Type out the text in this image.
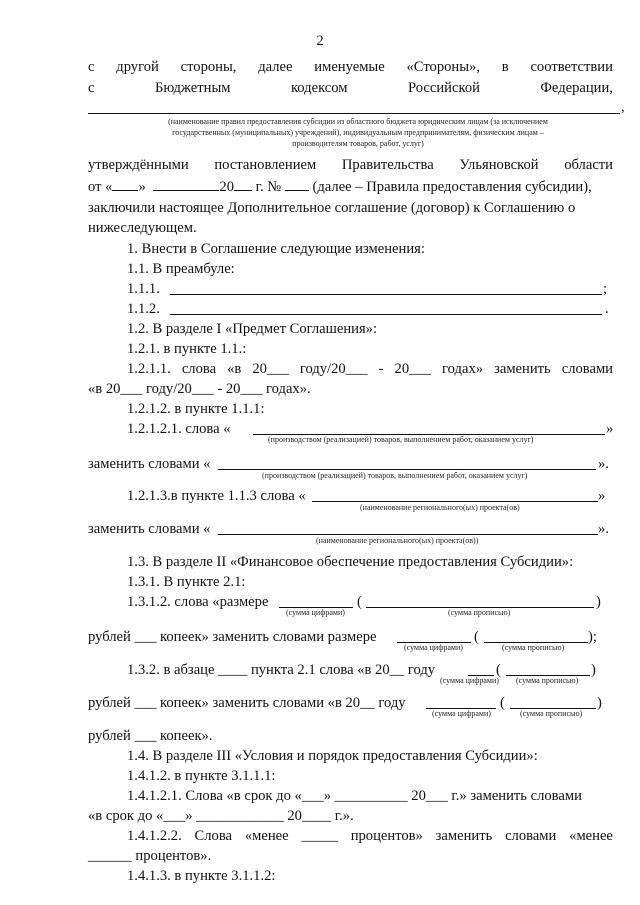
2
с другой стороны, далее именуемые «Стороны», в соответствии
с	Бюджетным	кодексом	Российской	Федерации,
,
(наименование правил предоставления субсидии из областного бюджета юридическим лицам (за исключением
государственных (муниципальных) учреждений), индивидуальным предпринимателям, физическим лицам –
производителям товаров, работ, услуг)
утверждёнными постановлением Правительства Ульяновской области
от « »	20 г. № (далее – Правила предоставления субсидии),
заключили настоящее Дополнительное соглашение (договор) к Соглашению о
нижеследующем.
1. Внести в Соглашение следующие изменения:
1.1. В преамбуле:
1.1.1.	;
1.1.2.	.
1.2. В разделе I «Предмет Соглашения»:
1.2.1. в пункте 1.1.:
1.2.1.1. слова «в 20___ году/20___ - 20___ годах» заменить словами
«в 20___ году/20___ - 20___ годах».
1.2.1.2. в пункте 1.1.1:
1.2.1.2.1. слова «	»
(производством (реализацией) товаров, выполнением работ, оказанием услуг)
заменить словами «	».
(производством (реализацией) товаров, выполнением работ, оказанием услуг)
1.2.1.3.в пункте 1.1.3 слова «	»
(наименование регионального(ых) проекта(ов)
заменить словами «	».
(наименование регионального(ых) проекта(ов))
1.3. В разделе II «Финансовое обеспечение предоставления Субсидии»:
1.3.1. В пункте 2.1:
1.3.1.2. слова «размере	(	)
(сумма цифрами)	(сумма прописью)
рублей ___ копеек» заменить словами размере	(	);
(сумма цифрами)	(сумма прописью)
1.3.2. в абзаце ____ пункта 2.1 слова «в 20__ году	(	)
(сумма цифрами) (сумма прописью)
рублей ___ копеек» заменить словами «в 20__ году	(	)
(сумма цифрами)	(сумма прописью)
рублей ___ копеек».
1.4. В разделе III «Условия и порядок предоставления Субсидии»:
1.4.1.2. в пункте 3.1.1.1:
1.4.1.2.1. Слова «в срок до «___» __________ 20___ г.» заменить словами
«в срок до «___» ____________ 20____ г.».
1.4.1.2.2. Слова «менее _____ процентов» заменить словами «менее
______ процентов».
1.4.1.3. в пункте 3.1.1.2:
